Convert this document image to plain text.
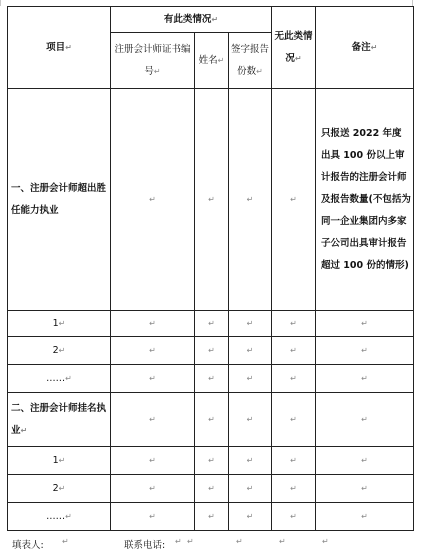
项目↵	有此类情况↵			无此类情况↵	备注↵
	注册会计师证书编号↵	姓名↵	签字报告份数↵		
一、注册会计师超出胜任能力执业	↵	↵	↵	↵	只报送 2022 年度出具 100 份以上审计报告的注册会计师及报告数量(不包括为同一企业集团内多家子公司出具审计报告超过 100 份的情形)
1↵	↵	↵	↵	↵	↵
2↵	↵	↵	↵	↵	↵
……↵	↵	↵	↵	↵	↵
二、注册会计师挂名执业↵	↵	↵	↵	↵	↵
1↵	↵	↵	↵	↵	↵
2↵	↵	↵	↵	↵	↵
……↵	↵	↵	↵	↵	↵
填表人: ↵	联系电话: ↵ ↵	↵	↵	↵
